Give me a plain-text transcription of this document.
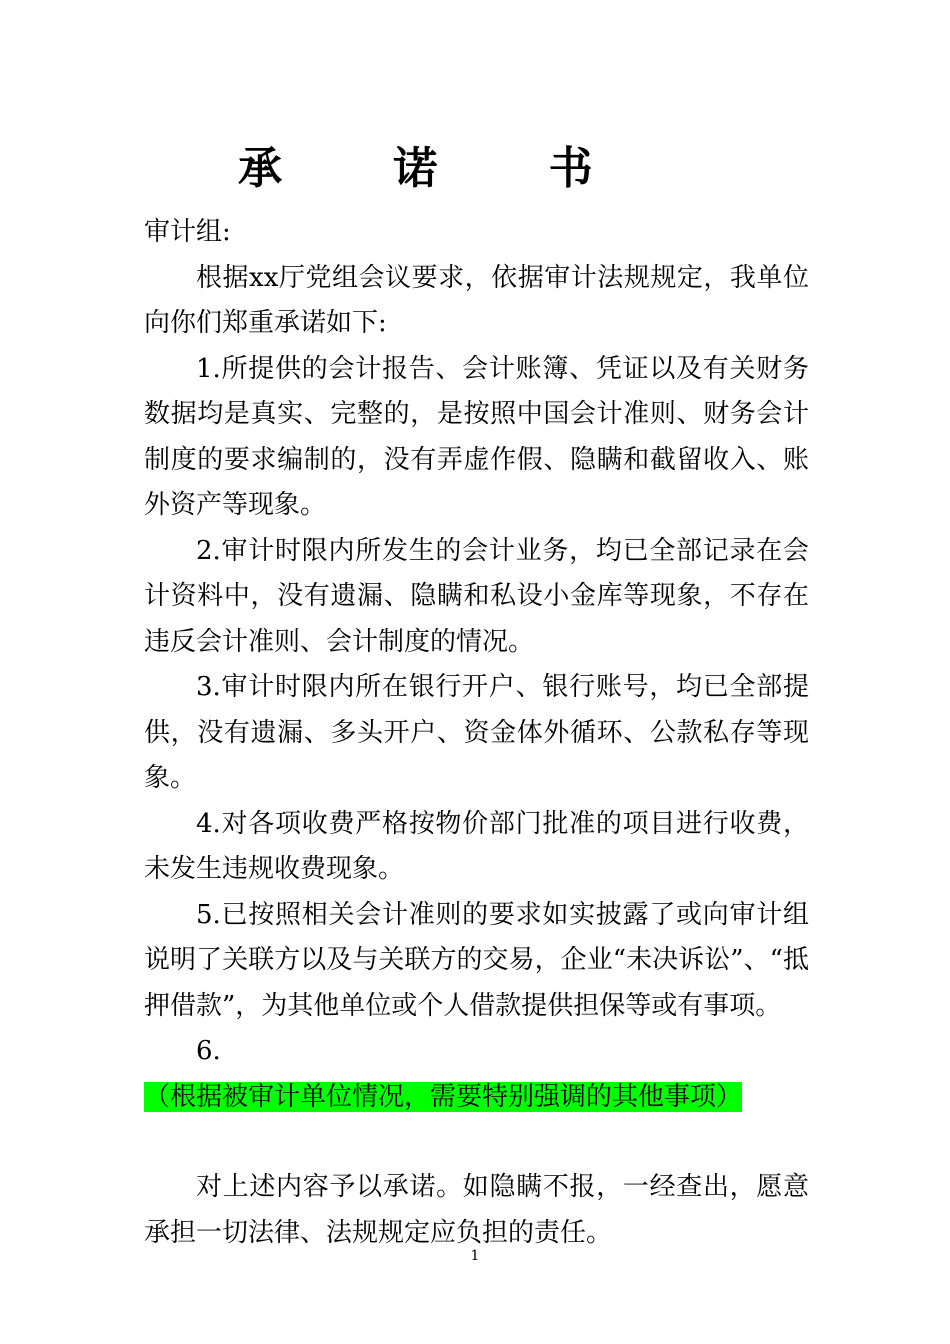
承 诺 书

审计组:

根据xx厅党组会议要求，依据审计法规规定，我单位向你们郑重承诺如下:

1.所提供的会计报告、会计账簿、凭证以及有关财务数据均是真实、完整的，是按照中国会计准则、财务会计制度的要求编制的，没有弄虚作假、隐瞒和截留收入、账外资产等现象。

2.审计时限内所发生的会计业务，均已全部记录在会计资料中，没有遗漏、隐瞒和私设小金库等现象，不存在违反会计准则、会计制度的情况。

3.审计时限内所在银行开户、银行账号，均已全部提供，没有遗漏、多头开户、资金体外循环、公款私存等现象。

4.对各项收费严格按物价部门批准的项目进行收费，未发生违规收费现象。

5.已按照相关会计准则的要求如实披露了或向审计组说明了关联方以及与关联方的交易，企业“未决诉讼”、“抵押借款”，为其他单位或个人借款提供担保等或有事项。

6.（根据被审计单位情况，需要特别强调的其他事项）

对上述内容予以承诺。如隐瞒不报，一经查出，愿意承担一切法律、法规规定应负担的责任。

1
